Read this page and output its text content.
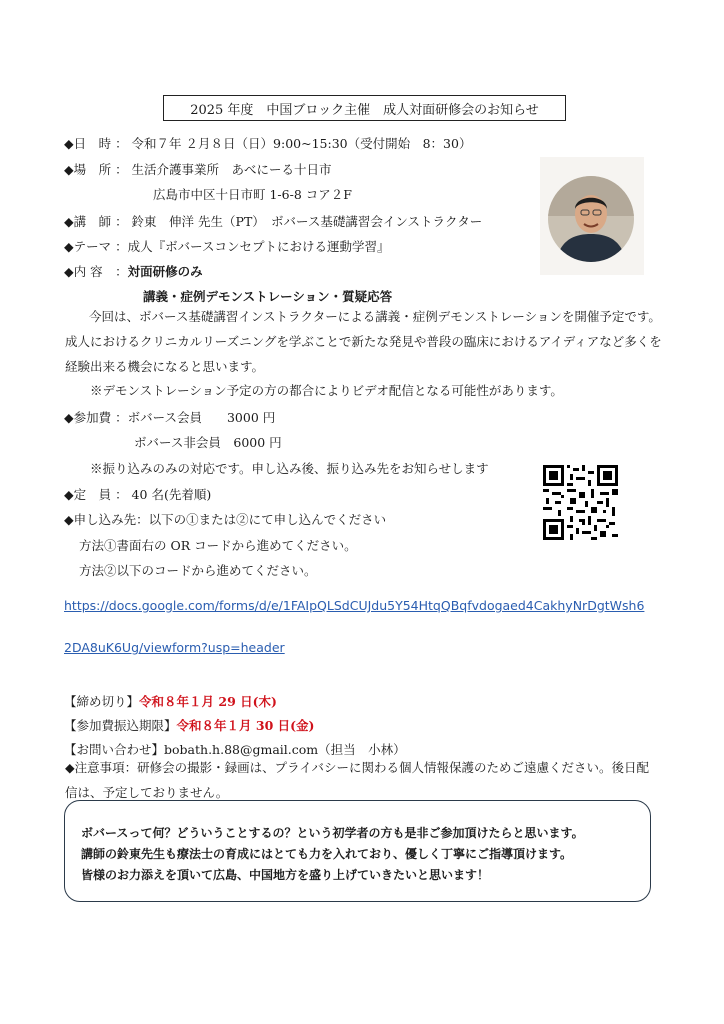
2025 年度　中国ブロック主催　成人対面研修会のお知らせ
◆日　時 ： 令和７年 ２月８日（日）9:00~15:30（受付開始　8：30）
◆場　所 ： 生活介護事業所　あべにーる十日市
広島市中区十日市町 1-6-8 コア２F
◆講　師 ： 鈴東　伸洋 先生（PT）　ボバース基礎講習会インストラクター
◆テーマ ：成人『ボバースコンセプトにおける運動学習』
◆内 容　：対面研修のみ
講義・症例デモンストレーション・質疑応答
今回は、ボバース基礎講習インストラクターによる講義・症例デモンストレーションを開催予定です。成人におけるクリニカルリーズニングを学ぶことで新たな発見や普段の臨床におけるアイディアなど多くを経験出来る機会になると思います。
※デモンストレーション予定の方の都合によりビデオ配信となる可能性があります。
◆参加費 ：ボバース会員　　3000 円
ボバース非会員　6000 円
※振り込みのみの対応です。申し込み後、振り込み先をお知らせします
◆定　員 ： 40 名(先着順)
◆申し込み先：以下の①または②にて申し込んでください
方法①書面右の OR コードから進めてください。
方法②以下のコードから進めてください。
https://docs.google.com/forms/d/e/1FAIpQLSdCUJdu5Y54HtqQBqfvdogaed4CakhyNrDgtWsh6
2DA8uK6Ug/viewform?usp=header
【締め切り】令和８年１月 29 日(木)
【参加費振込期限】令和８年１月 30 日(金)
【お問い合わせ】bobath.h.88@gmail.com（担当　小林）
◆注意事項：研修会の撮影・録画は、プライバシーに関わる個人情報保護のためご遠慮ください。後日配信は、予定しておりません。
ボバースって何？どういうことするの？という初学者の方も是非ご参加頂けたらと思います。
講師の鈴東先生も療法士の育成にはとても力を入れており、優しく丁寧にご指導頂けます。
皆様のお力添えを頂いて広島、中国地方を盛り上げていきたいと思います！
